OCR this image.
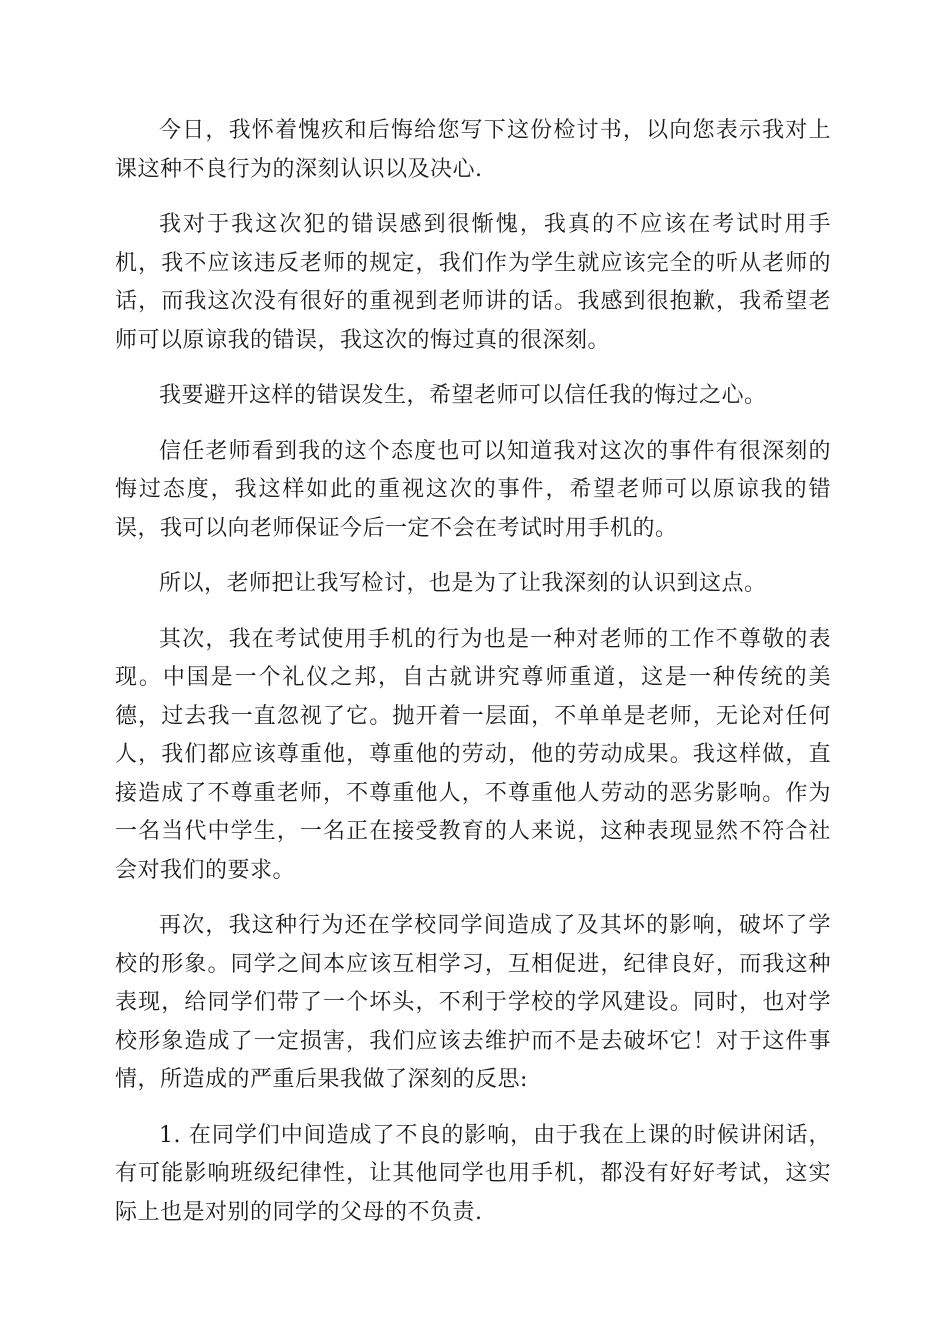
今日，我怀着愧疚和后悔给您写下这份检讨书，以向您表示我对上课这种不良行为的深刻认识以及决心.

我对于我这次犯的错误感到很惭愧，我真的不应该在考试时用手机，我不应该违反老师的规定，我们作为学生就应该完全的听从老师的话，而我这次没有很好的重视到老师讲的话。我感到很抱歉，我希望老师可以原谅我的错误，我这次的悔过真的很深刻。

我要避开这样的错误发生，希望老师可以信任我的悔过之心。

信任老师看到我的这个态度也可以知道我对这次的事件有很深刻的悔过态度，我这样如此的重视这次的事件，希望老师可以原谅我的错误，我可以向老师保证今后一定不会在考试时用手机的。

所以，老师把让我写检讨，也是为了让我深刻的认识到这点。

其次，我在考试使用手机的行为也是一种对老师的工作不尊敬的表现。中国是一个礼仪之邦，自古就讲究尊师重道，这是一种传统的美德，过去我一直忽视了它。抛开着一层面，不单单是老师，无论对任何人，我们都应该尊重他，尊重他的劳动，他的劳动成果。我这样做，直接造成了不尊重老师，不尊重他人，不尊重他人劳动的恶劣影响。作为一名当代中学生，一名正在接受教育的人来说，这种表现显然不符合社会对我们的要求。

再次，我这种行为还在学校同学间造成了及其坏的影响，破坏了学校的形象。同学之间本应该互相学习，互相促进，纪律良好，而我这种表现，给同学们带了一个坏头，不利于学校的学风建设。同时，也对学校形象造成了一定损害，我们应该去维护而不是去破坏它！对于这件事情，所造成的严重后果我做了深刻的反思:

1. 在同学们中间造成了不良的影响，由于我在上课的时候讲闲话，有可能影响班级纪律性，让其他同学也用手机，都没有好好考试，这实际上也是对别的同学的父母的不负责.
